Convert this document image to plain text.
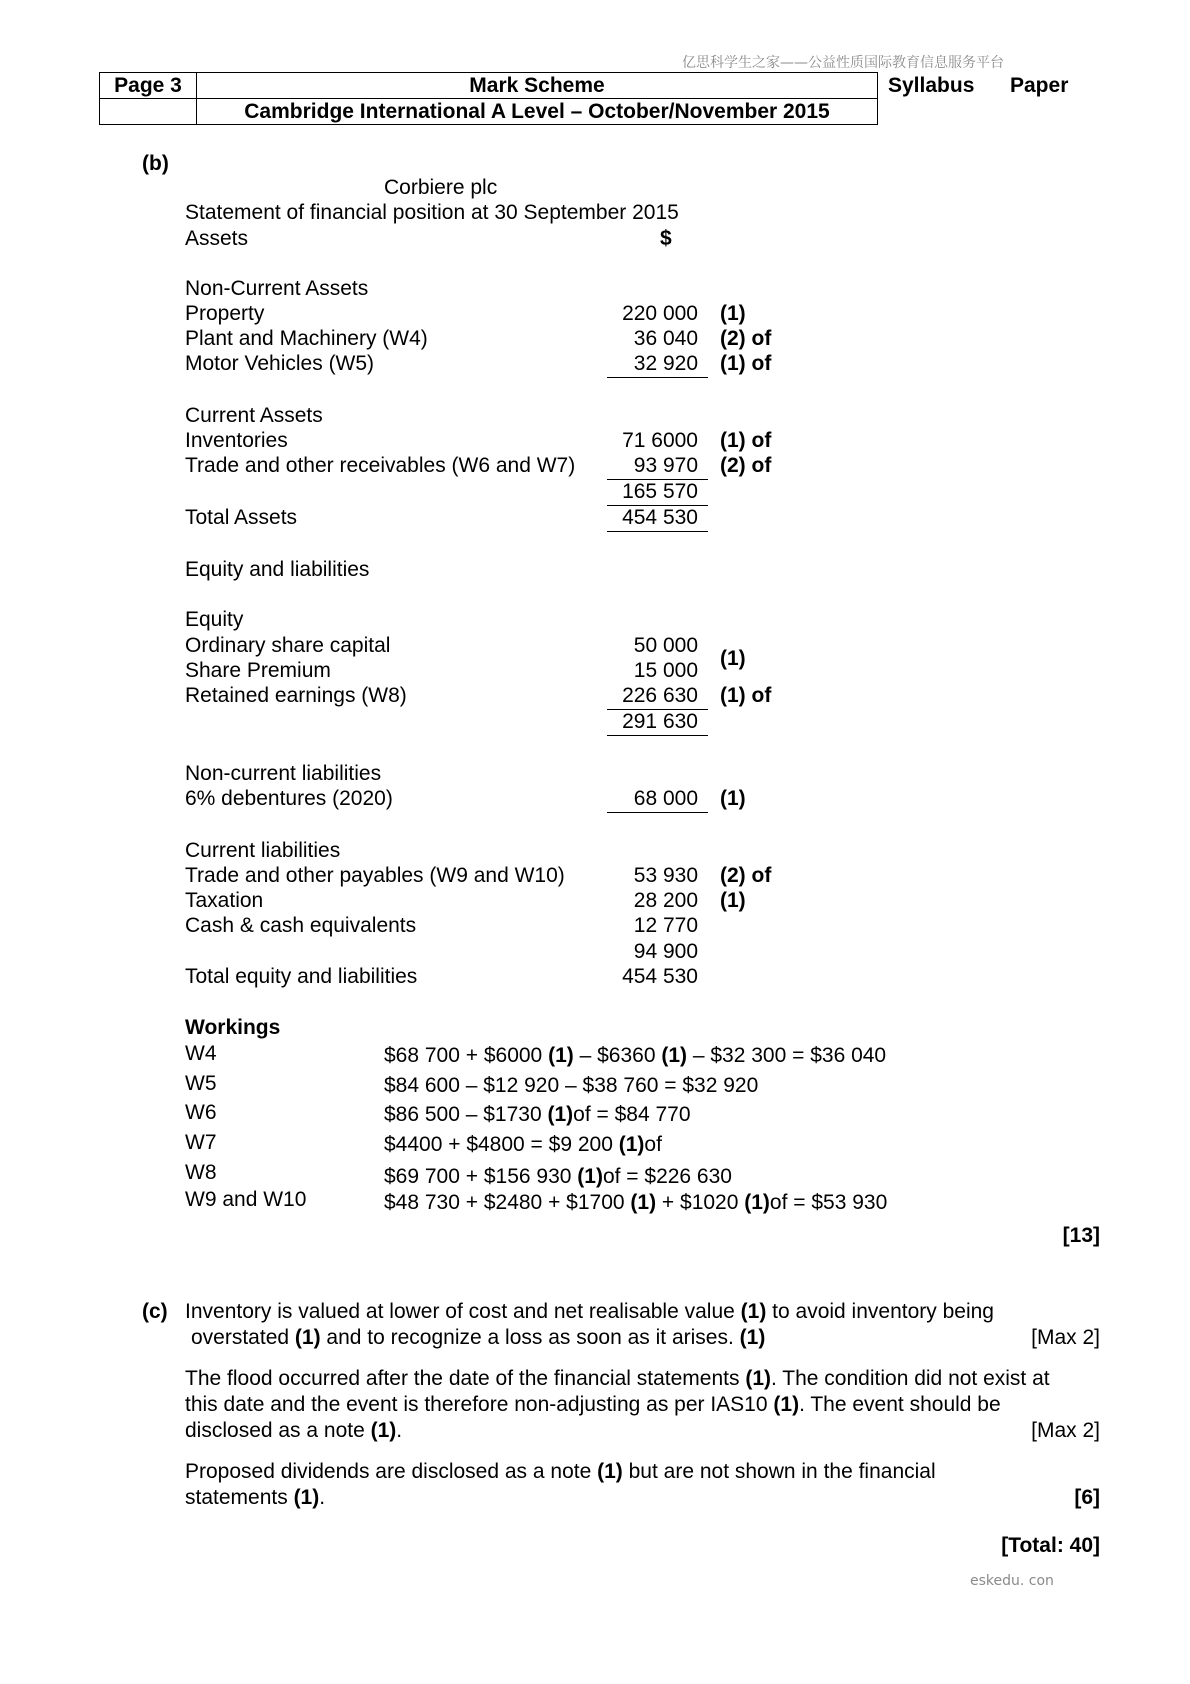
亿思科学生之家——公益性质国际教育信息服务平台
eskedu. con
Page 3	Mark Scheme
Cambridge International A Level – October/November 2015
Syllabus Paper
(b)
Corbiere plc
Statement of financial position at 30 September 2015
Assets	$
Non-Current Assets
Property	220 000 (1)
Plant and Machinery (W4)	36 040 (2) of
Motor Vehicles (W5)	32 920 (1) of
Current Assets
Inventories	71 6000 (1) of
Trade and other receivables (W6 and W7)	93 970 (2) of
165 570
Total Assets	454 530
Equity and liabilities
Equity
Ordinary share capital	50 000
Share Premium	15 000
(1)
Retained earnings (W8)	226 630 (1) of
291 630
Non-current liabilities
6% debentures (2020)	68 000 (1)
Current liabilities
Trade and other payables (W9 and W10)	53 930 (2) of
Taxation	28 200 (1)
Cash & cash equivalents	12 770
94 900
Total equity and liabilities	454 530
Workings
W4	$68 700 + $6000 (1) – $6360 (1) – $32 300 = $36 040
W5	$84 600 – $12 920 – $38 760 = $32 920
W6	$86 500 – $1730 (1)of = $84 770
W7	$4400 + $4800 = $9 200 (1)of
W8	$69 700 + $156 930 (1)of = $226 630
W9 and W10	$48 730 + $2480 + $1700 (1) + $1020 (1)of = $53 930
[13]
(c) Inventory is valued at lower of cost and net realisable value (1) to avoid inventory being
overstated (1) and to recognize a loss as soon as it arises. (1)	[Max 2]
The flood occurred after the date of the financial statements (1). The condition did not exist at
this date and the event is therefore non-adjusting as per IAS10 (1). The event should be
disclosed as a note (1).	[Max 2]
Proposed dividends are disclosed as a note (1) but are not shown in the financial
statements (1).	[6]
[Total: 40]
